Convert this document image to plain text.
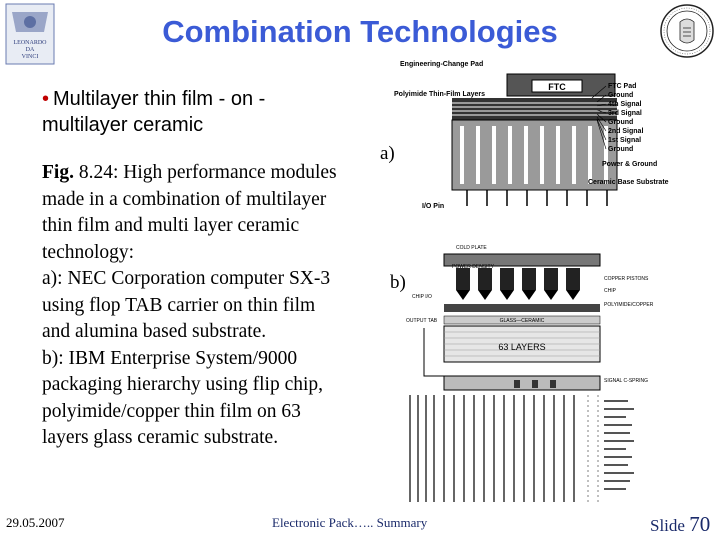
LEONARDO
DA
VINCI
Combination Technologies
• Multilayer thin film - on - multilayer ceramic
Fig. 8.24: High performance modules made in a combination of multilayer thin film and multi layer ceramic technology:
a): NEC Corporation computer SX-3 using flop TAB carrier on thin film and alumina based substrate.
b): IBM Enterprise System/9000 packaging hierarchy using flip chip, polyimide/copper thin film on 63 layers glass ceramic substrate.
a)
b)
Engineering-Change Pad
Polyimide Thin-Film Layers
FTC
I/O Pin
FTC Pad
Ground
4th Signal
3rd Signal
Ground
2nd Signal
1st Signal
Ground
Power & Ground
Ceramic Base Substrate
COLD PLATE
POWER DENSITY
COPPER PISTONS
CHIP
CHIP I/O
POLYIMIDE/COPPER
GLASS—CERAMIC
63 LAYERS
OUTPUT TAB
SIGNAL C-SPRING
29.05.2007	Electronic Pack….. Summary	Slide 70
